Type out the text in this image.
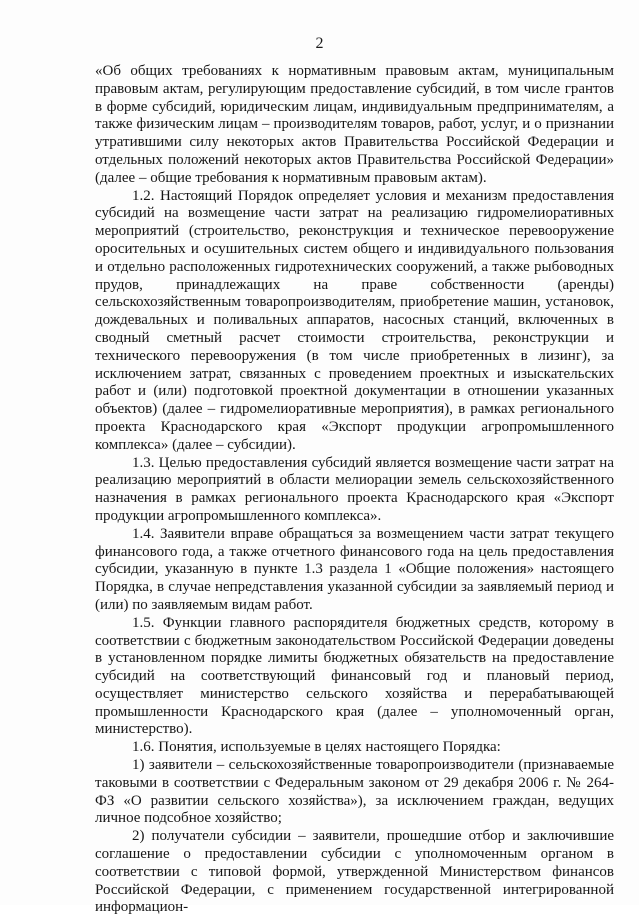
2

«Об общих требованиях к нормативным правовым актам, муниципальным правовым актам, регулирующим предоставление субсидий, в том числе грантов в форме субсидий, юридическим лицам, индивидуальным предпринимателям, а также физическим лицам – производителям товаров, работ, услуг, и о признании утратившими силу некоторых актов Правительства Российской Федерации и отдельных положений некоторых актов Правительства Российской Федерации» (далее – общие требования к нормативным правовым актам).

1.2. Настоящий Порядок определяет условия и механизм предоставления субсидий на возмещение части затрат на реализацию гидромелиоративных мероприятий (строительство, реконструкция и техническое перевооружение оросительных и осушительных систем общего и индивидуального пользования и отдельно расположенных гидротехнических сооружений, а также рыбоводных прудов, принадлежащих на праве собственности (аренды) сельскохозяйственным товаропроизводителям, приобретение машин, установок, дождевальных и поливальных аппаратов, насосных станций, включенных в сводный сметный расчет стоимости строительства, реконструкции и технического перевооружения (в том числе приобретенных в лизинг), за исключением затрат, связанных с проведением проектных и изыскательских работ и (или) подготовкой проектной документации в отношении указанных объектов) (далее – гидромелиоративные мероприятия), в рамках регионального проекта Краснодарского края «Экспорт продукции агропромышленного комплекса» (далее – субсидии).

1.3. Целью предоставления субсидий является возмещение части затрат на реализацию мероприятий в области мелиорации земель сельскохозяйственного назначения в рамках регионального проекта Краснодарского края «Экспорт продукции агропромышленного комплекса».

1.4. Заявители вправе обращаться за возмещением части затрат текущего финансового года, а также отчетного финансового года на цель предоставления субсидии, указанную в пункте 1.3 раздела 1 «Общие положения» настоящего Порядка, в случае непредставления указанной субсидии за заявляемый период и (или) по заявляемым видам работ.

1.5. Функции главного распорядителя бюджетных средств, которому в соответствии с бюджетным законодательством Российской Федерации доведены в установленном порядке лимиты бюджетных обязательств на предоставление субсидий на соответствующий финансовый год и плановый период, осуществляет министерство сельского хозяйства и перерабатывающей промышленности Краснодарского края (далее – уполномоченный орган, министерство).

1.6. Понятия, используемые в целях настоящего Порядка:

1) заявители – сельскохозяйственные товаропроизводители (признаваемые таковыми в соответствии с Федеральным законом от 29 декабря 2006 г. № 264-ФЗ «О развитии сельского хозяйства»), за исключением граждан, ведущих личное подсобное хозяйство;

2) получатели субсидии – заявители, прошедшие отбор и заключившие соглашение о предоставлении субсидии с уполномоченным органом в соответствии с типовой формой, утвержденной Министерством финансов Российской Федерации, с применением государственной интегрированной информацион-
